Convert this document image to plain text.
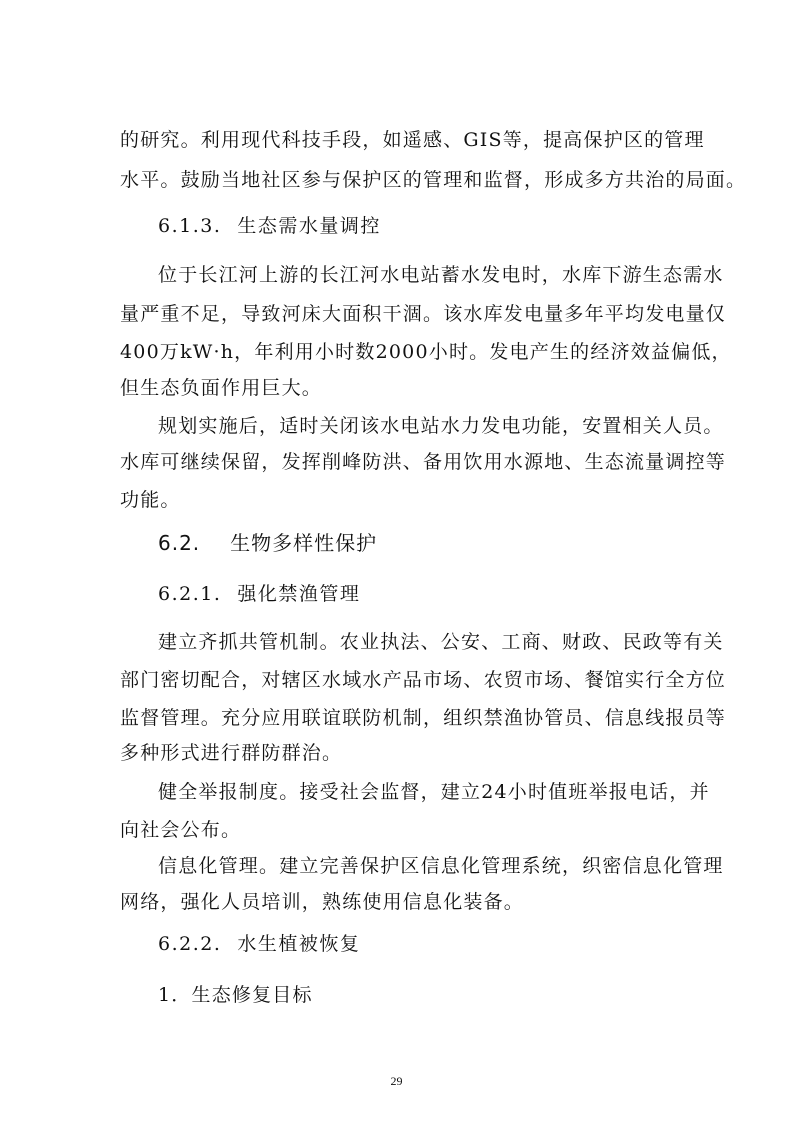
的研究。利用现代科技手段，如遥感、GIS等，提高保护区的管理
水平。鼓励当地社区参与保护区的管理和监督，形成多方共治的局面。
6.1.3. 生态需水量调控
位于长江河上游的长江河水电站蓄水发电时，水库下游生态需水
量严重不足，导致河床大面积干涸。该水库发电量多年平均发电量仅
400万kW·h，年利用小时数2000小时。发电产生的经济效益偏低，
但生态负面作用巨大。
规划实施后，适时关闭该水电站水力发电功能，安置相关人员。
水库可继续保留，发挥削峰防洪、备用饮用水源地、生态流量调控等
功能。
6.2. 生物多样性保护
6.2.1. 强化禁渔管理
建立齐抓共管机制。农业执法、公安、工商、财政、民政等有关
部门密切配合，对辖区水域水产品市场、农贸市场、餐馆实行全方位
监督管理。充分应用联谊联防机制，组织禁渔协管员、信息线报员等
多种形式进行群防群治。
健全举报制度。接受社会监督，建立24小时值班举报电话，并
向社会公布。
信息化管理。建立完善保护区信息化管理系统，织密信息化管理
网络，强化人员培训，熟练使用信息化装备。
6.2.2. 水生植被恢复
1．生态修复目标
29
